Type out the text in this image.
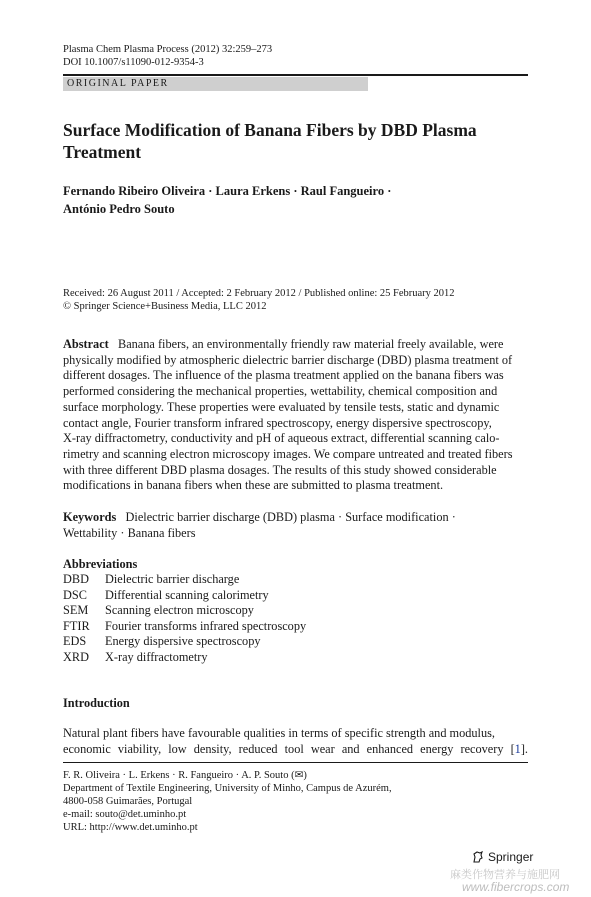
Plasma Chem Plasma Process (2012) 32:259–273
DOI 10.1007/s11090-012-9354-3
ORIGINAL PAPER
Surface Modification of Banana Fibers by DBD Plasma Treatment
Fernando Ribeiro Oliveira · Laura Erkens · Raul Fangueiro ·
António Pedro Souto
Received: 26 August 2011 / Accepted: 2 February 2012 / Published online: 25 February 2012
© Springer Science+Business Media, LLC 2012
Abstract Banana fibers, an environmentally friendly raw material freely available, were
physically modified by atmospheric dielectric barrier discharge (DBD) plasma treatment of
different dosages. The influence of the plasma treatment applied on the banana fibers was
performed considering the mechanical properties, wettability, chemical composition and
surface morphology. These properties were evaluated by tensile tests, static and dynamic
contact angle, Fourier transform infrared spectroscopy, energy dispersive spectroscopy,
X-ray diffractometry, conductivity and pH of aqueous extract, differential scanning calo-
rimetry and scanning electron microscopy images. We compare untreated and treated fibers
with three different DBD plasma dosages. The results of this study showed considerable
modifications in banana fibers when these are submitted to plasma treatment.
Keywords Dielectric barrier discharge (DBD) plasma · Surface modification ·
Wettability · Banana fibers
Abbreviations
DBD	Dielectric barrier discharge
DSC	Differential scanning calorimetry
SEM	Scanning electron microscopy
FTIR	Fourier transforms infrared spectroscopy
EDS	Energy dispersive spectroscopy
XRD	X-ray diffractometry
Introduction
Natural plant fibers have favourable qualities in terms of specific strength and modulus,
economic viability, low density, reduced tool wear and enhanced energy recovery [1].
F. R. Oliveira · L. Erkens · R. Fangueiro · A. P. Souto (✉)
Department of Textile Engineering, University of Minho, Campus de Azurém,
4800-058 Guimarães, Portugal
e-mail: souto@det.uminho.pt
URL: http://www.det.uminho.pt
Springer
麻类作物营养与施肥网
www.fibercrops.com
